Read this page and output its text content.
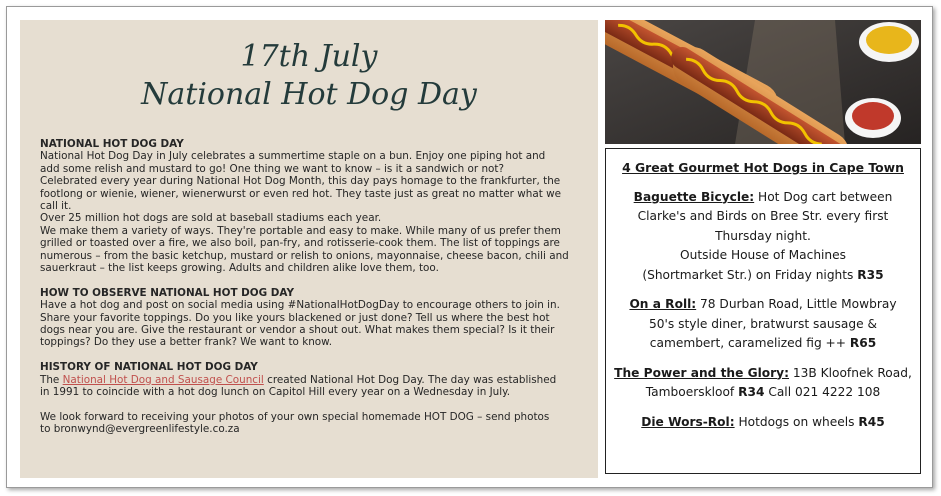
17th July
National Hot Dog Day

NATIONAL HOT DOG DAY

National Hot Dog Day in July celebrates a summertime staple on a bun. Enjoy one piping hot and

add some relish and mustard to go! One thing we want to know – is it a sandwich or not?

Celebrated every year during National Hot Dog Month, this day pays homage to the frankfurter, the

footlong or wienie, wiener, wienerwurst or even red hot. They taste just as great no matter what we

call it.

Over 25 million hot dogs are sold at baseball stadiums each year.

We make them a variety of ways. They're portable and easy to make. While many of us prefer them

grilled or toasted over a fire, we also boil, pan-fry, and rotisserie-cook them. The list of toppings are

numerous – from the basic ketchup, mustard or relish to onions, mayonnaise, cheese bacon, chili and

sauerkraut – the list keeps growing. Adults and children alike love them, too.

HOW TO OBSERVE NATIONAL HOT DOG DAY

Have a hot dog and post on social media using #NationalHotDogDay to encourage others to join in.

Share your favorite toppings. Do you like yours blackened or just done? Tell us where the best hot

dogs near you are. Give the restaurant or vendor a shout out. What makes them special? Is it their

toppings? Do they use a better frank? We want to know.

HISTORY OF NATIONAL HOT DOG DAY

The National Hot Dog and Sausage Council created National Hot Dog Day. The day was established

in 1991 to coincide with a hot dog lunch on Capitol Hill every year on a Wednesday in July.

We look forward to receiving your photos of your own special homemade HOT DOG – send photos

to bronwynd@evergreenlifestyle.co.za

4 Great Gourmet Hot Dogs in Cape Town
Baguette Bicycle: Hot Dog cart between
Clarke's and Birds on Bree Str. every first
Thursday night.
Outside House of Machines
(Shortmarket Str.) on Friday nights R35
On a Roll: 78 Durban Road, Little Mowbray
50's style diner, bratwurst sausage &
camembert, caramelized fig ++ R65
The Power and the Glory: 13B Kloofnek Road,
Tamboerskloof R34 Call 021 4222 108
Die Wors-Rol: Hotdogs on wheels R45
